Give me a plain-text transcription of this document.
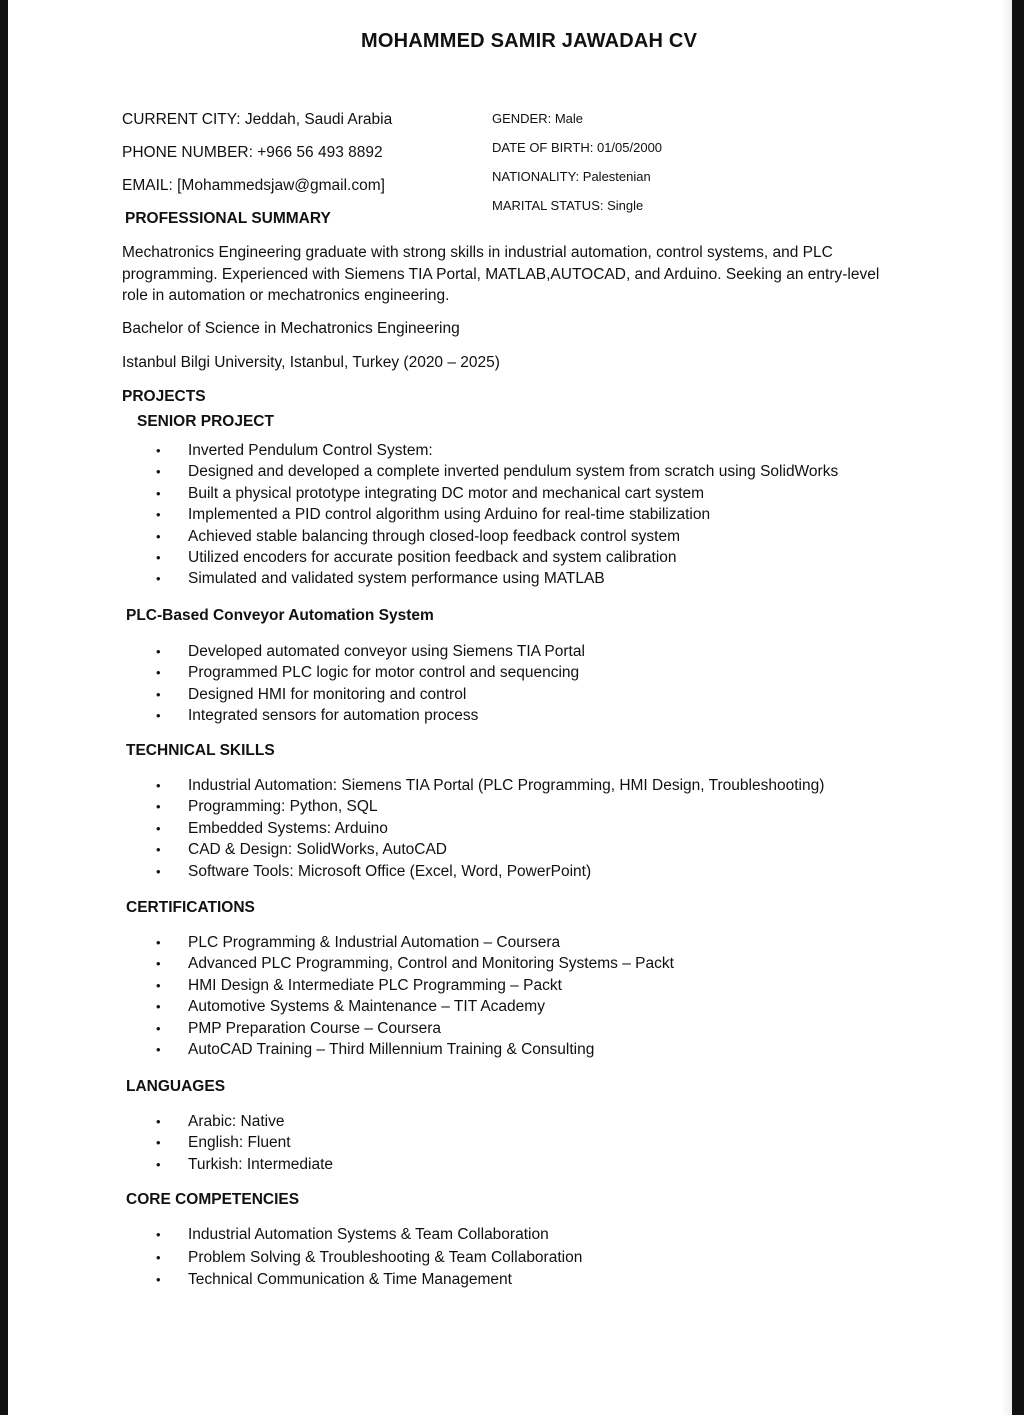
MOHAMMED SAMIR JAWADAH CV
CURRENT CITY: Jeddah, Saudi Arabia
PHONE NUMBER: +966 56 493 8892
EMAIL: [Mohammedsjaw@gmail.com]
GENDER: Male
DATE OF BIRTH: 01/05/2000
NATIONALITY: Palestenian
MARITAL STATUS: Single
PROFESSIONAL SUMMARY
Mechatronics Engineering graduate with strong skills in industrial automation, control systems, and PLC programming. Experienced with Siemens TIA Portal, MATLAB,AUTOCAD, and Arduino. Seeking an entry-level role in automation or mechatronics engineering.
Bachelor of Science in Mechatronics Engineering
Istanbul Bilgi University, Istanbul, Turkey (2020 – 2025)
PROJECTS
SENIOR PROJECT
• Inverted Pendulum Control System:
• Designed and developed a complete inverted pendulum system from scratch using SolidWorks
• Built a physical prototype integrating DC motor and mechanical cart system
• Implemented a PID control algorithm using Arduino for real-time stabilization
• Achieved stable balancing through closed-loop feedback control system
• Utilized encoders for accurate position feedback and system calibration
• Simulated and validated system performance using MATLAB
PLC-Based Conveyor Automation System
• Developed automated conveyor using Siemens TIA Portal
• Programmed PLC logic for motor control and sequencing
• Designed HMI for monitoring and control
• Integrated sensors for automation process
TECHNICAL SKILLS
• Industrial Automation: Siemens TIA Portal (PLC Programming, HMI Design, Troubleshooting)
• Programming: Python, SQL
• Embedded Systems: Arduino
• CAD & Design: SolidWorks, AutoCAD
• Software Tools: Microsoft Office (Excel, Word, PowerPoint)
CERTIFICATIONS
• PLC Programming & Industrial Automation – Coursera
• Advanced PLC Programming, Control and Monitoring Systems – Packt
• HMI Design & Intermediate PLC Programming – Packt
• Automotive Systems & Maintenance – TIT Academy
• PMP Preparation Course – Coursera
• AutoCAD Training – Third Millennium Training & Consulting
LANGUAGES
• Arabic: Native
• English: Fluent
• Turkish: Intermediate
CORE COMPETENCIES
• Industrial Automation Systems & Team Collaboration
• Problem Solving & Troubleshooting & Team Collaboration
• Technical Communication & Time Management
